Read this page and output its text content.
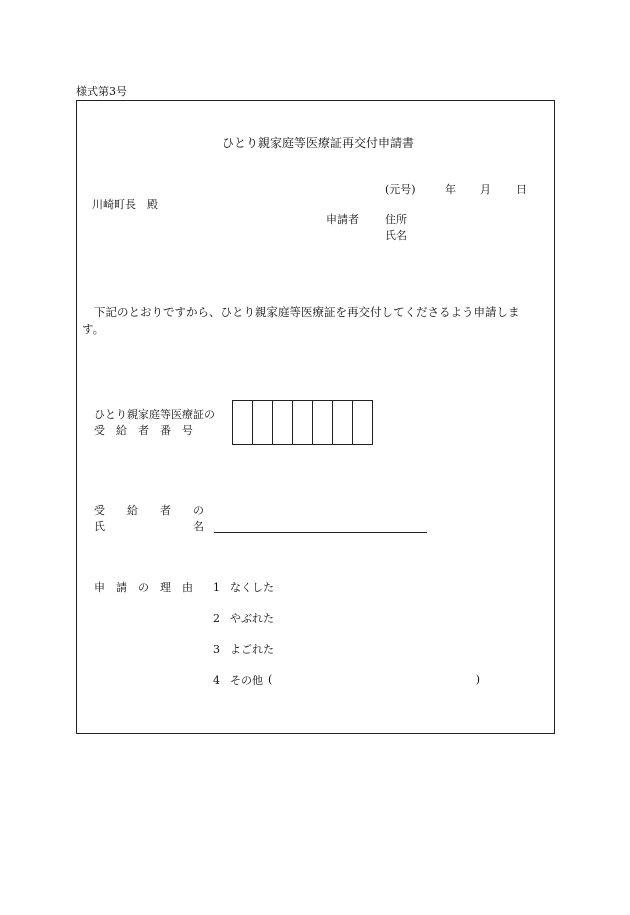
様式第3号
ひとり親家庭等医療証再交付申請書
(元号)	年 月 日
川崎町長　殿
申請者 住所
氏名
下記のとおりですから、ひとり親家庭等医療証を再交付してくださるよう申請しま
す。
ひとり親家庭等医療証の
受　給　者　番　号
受　　給　　者　　の
氏　　　　　　　　名
申　請　の　理　由 1 なくした
2 やぶれた
3 よごれた
4 その他 (	)
